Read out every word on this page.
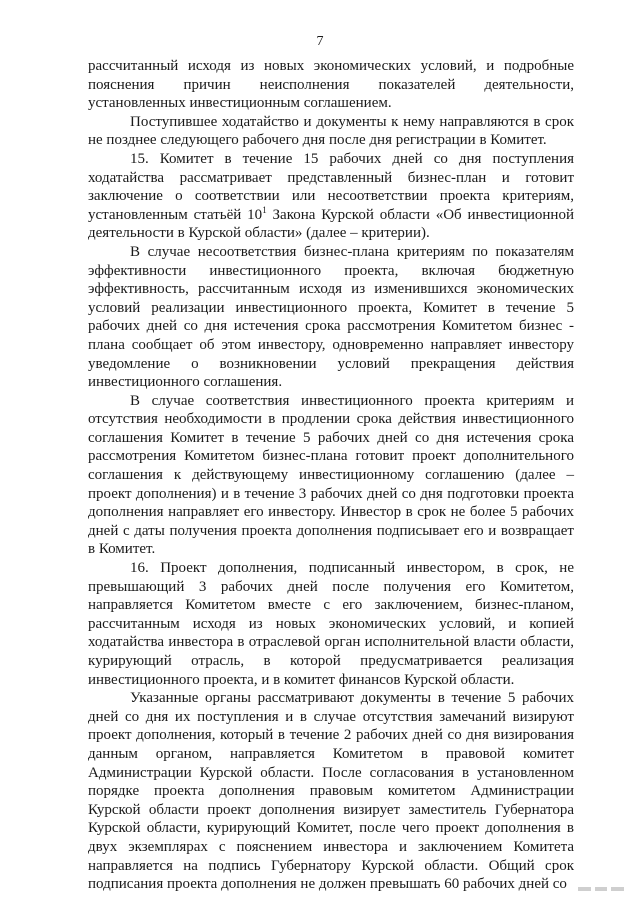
7

рассчитанный исходя из новых экономических условий, и подробные пояснения причин неисполнения показателей деятельности, установленных инвестиционным соглашением.

Поступившее ходатайство и документы к нему направляются в срок не позднее следующего рабочего дня после дня регистрации в Комитет.

15. Комитет в течение 15 рабочих дней со дня поступления ходатайства рассматривает представленный бизнес-план и готовит заключение о соответствии или несоответствии проекта критериям, установленным статьёй $10^1$ Закона Курской области «Об инвестиционной деятельности в Курской области» (далее – критерии).

В случае несоответствия бизнес-плана критериям по показателям эффективности инвестиционного проекта, включая бюджетную эффективность, рассчитанным исходя из изменившихся экономических условий реализации инвестиционного проекта, Комитет в течение 5 рабочих дней со дня истечения срока рассмотрения Комитетом бизнес - плана сообщает об этом инвестору, одновременно направляет инвестору уведомление о возникновении условий прекращения действия инвестиционного соглашения.

В случае соответствия инвестиционного проекта критериям и отсутствия необходимости в продлении срока действия инвестиционного соглашения Комитет в течение 5 рабочих дней со дня истечения срока рассмотрения Комитетом бизнес-плана готовит проект дополнительного соглашения к действующему инвестиционному соглашению (далее – проект дополнения) и в течение 3 рабочих дней со дня подготовки проекта дополнения направляет его инвестору. Инвестор в срок не более 5 рабочих дней с даты получения проекта дополнения подписывает его и возвращает в Комитет.

16. Проект дополнения, подписанный инвестором, в срок, не превышающий 3 рабочих дней после получения его Комитетом, направляется Комитетом вместе с его заключением, бизнес-планом, рассчитанным исходя из новых экономических условий, и копией ходатайства инвестора в отраслевой орган исполнительной власти области, курирующий отрасль, в которой предусматривается реализация инвестиционного проекта, и в комитет финансов Курской области.

Указанные органы рассматривают документы в течение 5 рабочих дней со дня их поступления и в случае отсутствия замечаний визируют проект дополнения, который в течение 2 рабочих дней со дня визирования данным органом, направляется Комитетом в правовой комитет Администрации Курской области. После согласования в установленном порядке проекта дополнения правовым комитетом Администрации Курской области проект дополнения визирует заместитель Губернатора Курской области, курирующий Комитет, после чего проект дополнения в двух экземплярах с пояснением инвестора и заключением Комитета направляется на подпись Губернатору Курской области. Общий срок подписания проекта дополнения не должен превышать 60 рабочих дней со
